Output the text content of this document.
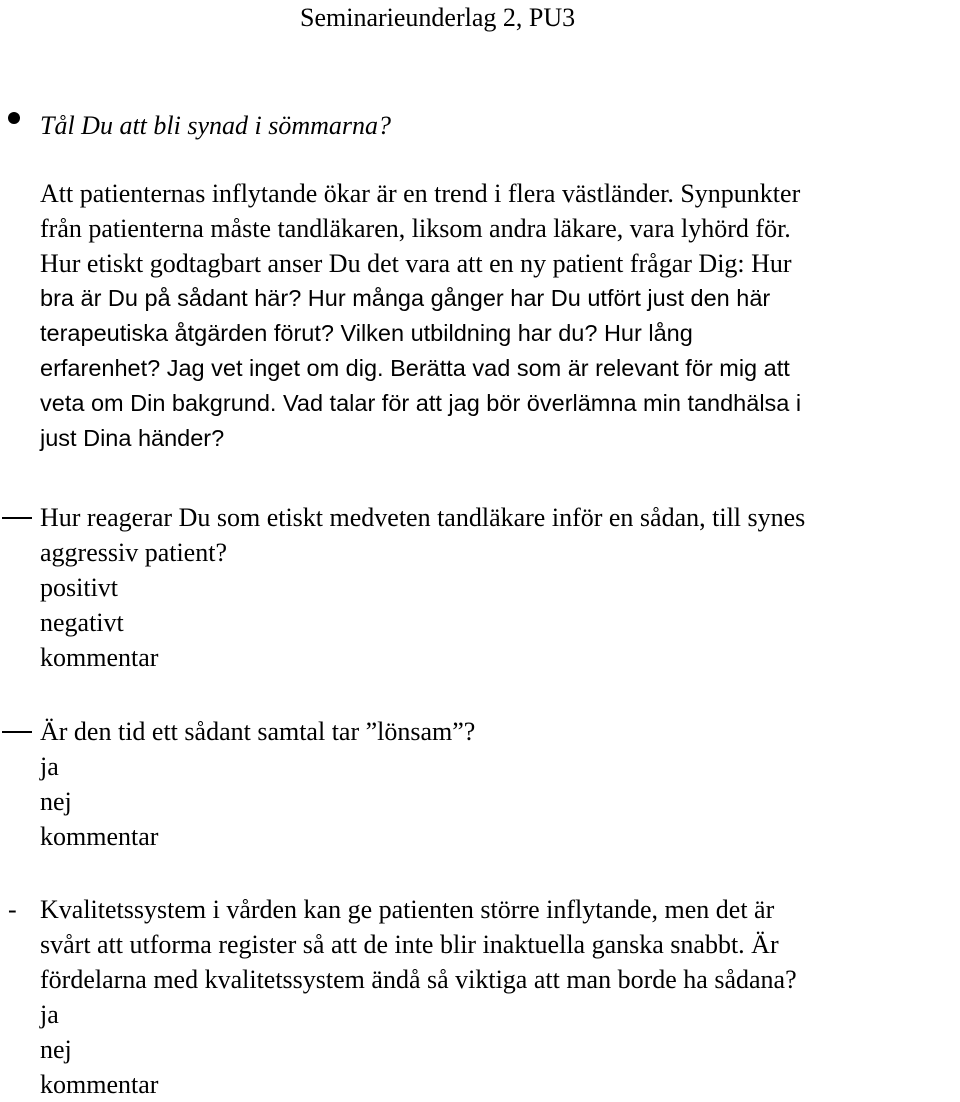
Seminarieunderlag 2, PU3
Tål Du att bli synad i sömmarna?
Att patienternas inflytande ökar är en trend i flera västländer. Synpunkter
från patienterna måste tandläkaren, liksom andra läkare, vara lyhörd för.
Hur etiskt godtagbart anser Du det vara att en ny patient frågar Dig: Hur
bra är Du på sådant här? Hur många gånger har Du utfört just den här
terapeutiska åtgärden förut? Vilken utbildning har du? Hur lång
erfarenhet? Jag vet inget om dig. Berätta vad som är relevant för mig att
veta om Din bakgrund. Vad talar för att jag bör överlämna min tandhälsa i
just Dina händer?
Hur reagerar Du som etiskt medveten tandläkare inför en sådan, till synes
aggressiv patient?
positivt
negativt
kommentar
Är den tid ett sådant samtal tar ”lönsam”?
ja
nej
kommentar
- Kvalitetssystem i vården kan ge patienten större inflytande, men det är
svårt att utforma register så att de inte blir inaktuella ganska snabbt. Är
fördelarna med kvalitetssystem ändå så viktiga att man borde ha sådana?
ja
nej
kommentar
